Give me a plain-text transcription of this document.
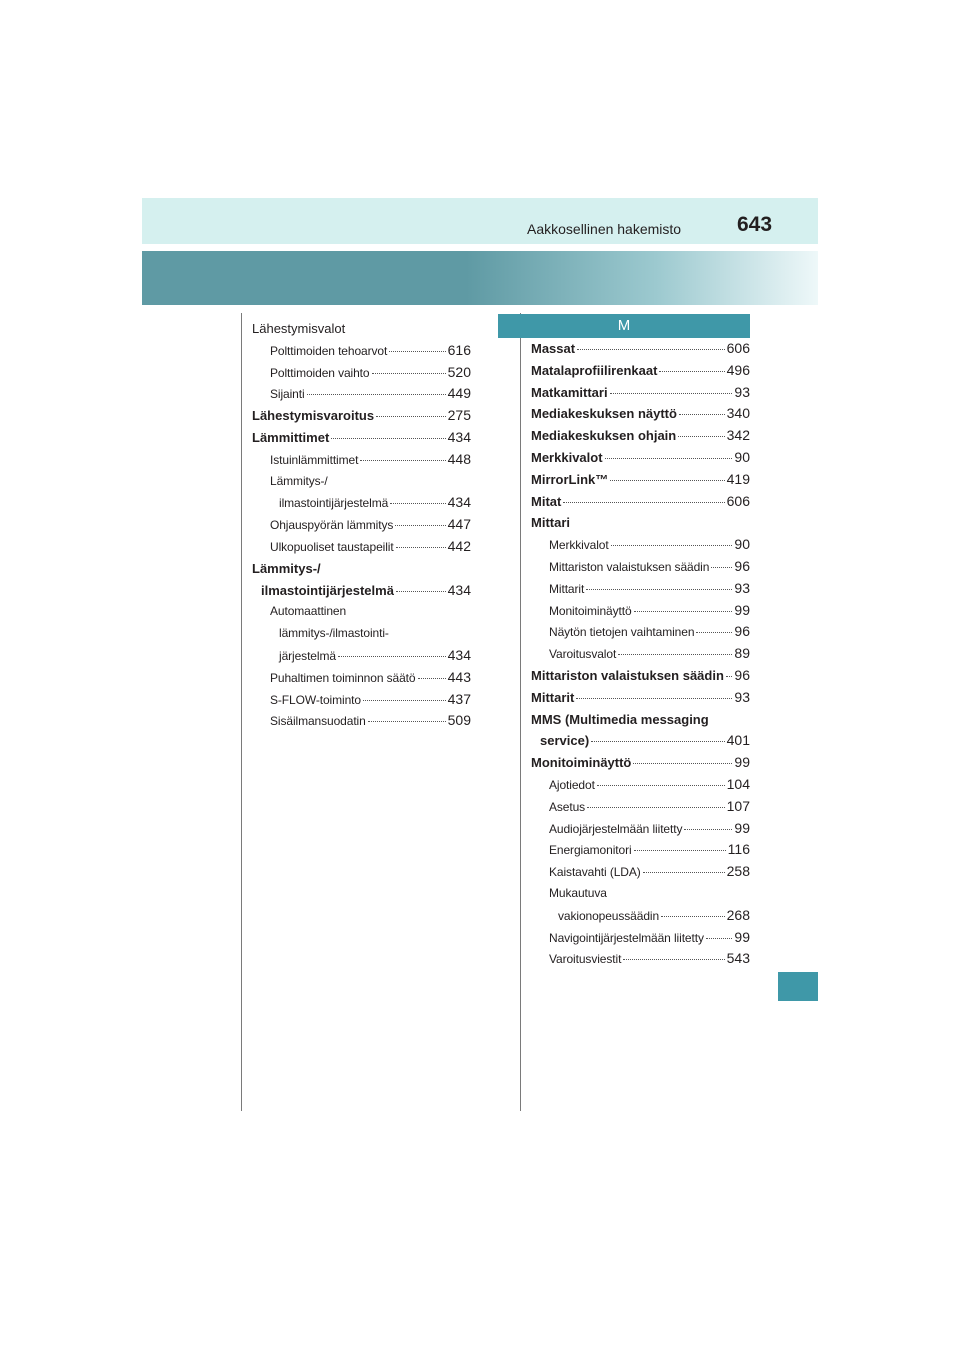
Aakkosellinen hakemisto	643
Lähestymisvalot
Polttimoiden tehoarvot	616
Polttimoiden vaihto	520
Sijainti	449
Lähestymisvaroitus	275
Lämmittimet	434
Istuinlämmittimet	448
Lämmitys-/
ilmastointijärjestelmä	434
Ohjauspyörän lämmitys	447
Ulkopuoliset taustapeilit	442
Lämmitys-/
ilmastointijärjestelmä	434
Automaattinen
lämmitys-/ilmastointi-
järjestelmä	434
Puhaltimen toiminnon säätö 443
S-FLOW-toiminto	437
Sisäilmansuodatin	509
M
Massat	606
Matalaprofiilirenkaat	496
Matkamittari	93
Mediakeskuksen näyttö	340
Mediakeskuksen ohjain	342
Merkkivalot	90
MirrorLink™	419
Mitat	606
Mittari
Merkkivalot	90
Mittariston valaistuksen säädin 96
Mittarit	93
Monitoiminäyttö	99
Näytön tietojen vaihtaminen	96
Varoitusvalot	89
Mittariston valaistuksen säädin 96
Mittarit	93
MMS (Multimedia messaging
service)	401
Monitoiminäyttö	99
Ajotiedot	104
Asetus	107
Audiojärjestelmään liitetty	99
Energiamonitori	116
Kaistavahti (LDA)	258
Mukautuva
vakionopeussäädin	268
Navigointijärjestelmään liitetty 99
Varoitusviestit	543
